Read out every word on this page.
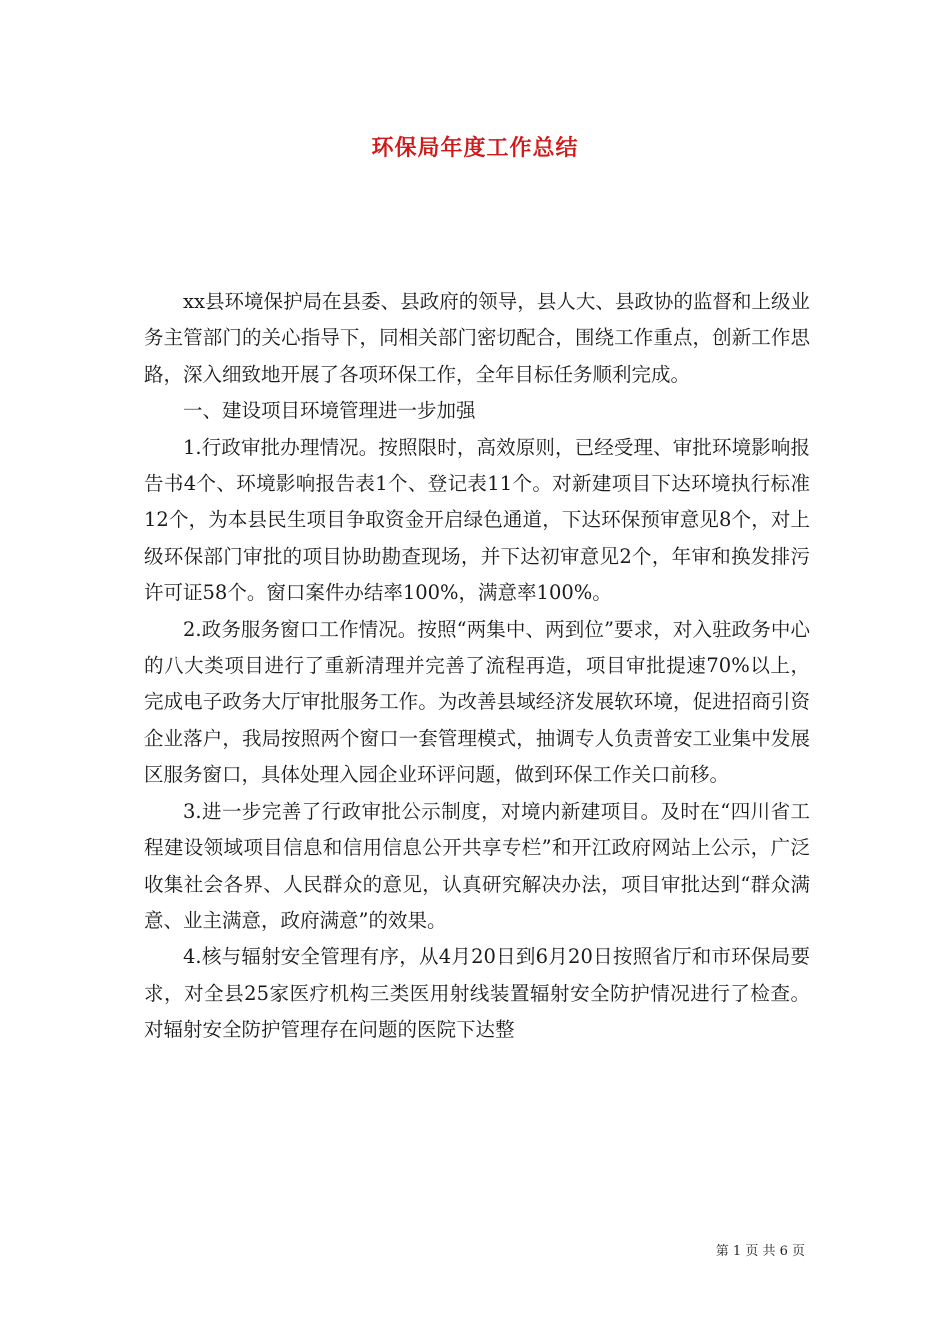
环保局年度工作总结

xx县环境保护局在县委、县政府的领导，县人大、县政协的监督和上级业务主管部门的关心指导下，同相关部门密切配合，围绕工作重点，创新工作思路，深入细致地开展了各项环保工作，全年目标任务顺利完成。

一、建设项目环境管理进一步加强

1.行政审批办理情况。按照限时，高效原则，已经受理、审批环境影响报告书4个、环境影响报告表1个、登记表11个。对新建项目下达环境执行标准12个，为本县民生项目争取资金开启绿色通道，下达环保预审意见8个，对上级环保部门审批的项目协助勘查现场，并下达初审意见2个，年审和换发排污许可证58个。窗口案件办结率100%，满意率100%。

2.政务服务窗口工作情况。按照“两集中、两到位”要求，对入驻政务中心的八大类项目进行了重新清理并完善了流程再造，项目审批提速70%以上，完成电子政务大厅审批服务工作。为改善县域经济发展软环境，促进招商引资企业落户，我局按照两个窗口一套管理模式，抽调专人负责普安工业集中发展区服务窗口，具体处理入园企业环评问题，做到环保工作关口前移。

3.进一步完善了行政审批公示制度，对境内新建项目。及时在“四川省工程建设领域项目信息和信用信息公开共享专栏”和开江政府网站上公示，广泛收集社会各界、人民群众的意见，认真研究解决办法，项目审批达到“群众满意、业主满意，政府满意”的效果。

4.核与辐射安全管理有序，从4月20日到6月20日按照省厅和市环保局要求，对全县25家医疗机构三类医用射线装置辐射安全防护情况进行了检查。对辐射安全防护管理存在问题的医院下达整

第 1 页 共 6 页
